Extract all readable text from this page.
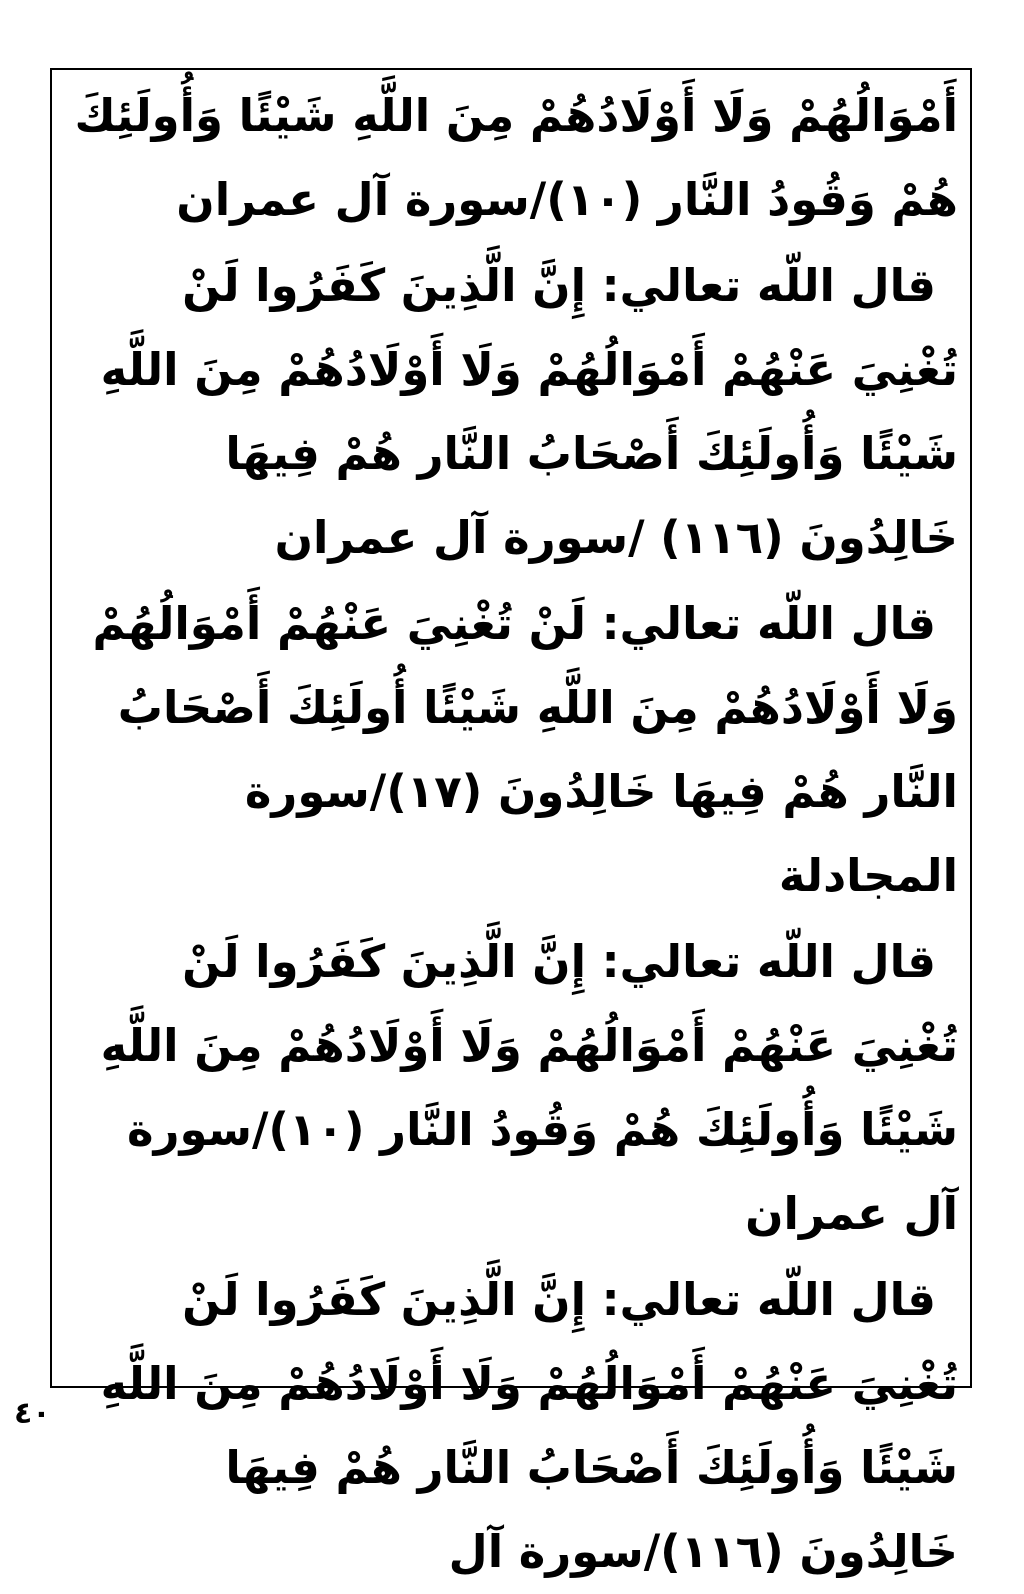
أَمْوَالُهُمْ وَلَا أَوْلَادُهُمْ مِنَ اللَّهِ شَيْئًا وَأُولَئِكَ هُمْ وَقُودُ النَّار (١٠)/سورة آل عمران

قال اللّه تعالي: إِنَّ الَّذِينَ كَفَرُوا لَنْ تُغْنِيَ عَنْهُمْ أَمْوَالُهُمْ وَلَا أَوْلَادُهُمْ مِنَ اللَّهِ شَيْئًا وَأُولَئِكَ أَصْحَابُ النَّار هُمْ فِيهَا خَالِدُونَ (١١٦) /سورة آل عمران

قال اللّه تعالي: لَنْ تُغْنِيَ عَنْهُمْ أَمْوَالُهُمْ وَلَا أَوْلَادُهُمْ مِنَ اللَّهِ شَيْئًا أُولَئِكَ أَصْحَابُ النَّار هُمْ فِيهَا خَالِدُونَ (١٧)/سورة المجادلة

قال اللّه تعالي: إِنَّ الَّذِينَ كَفَرُوا لَنْ تُغْنِيَ عَنْهُمْ أَمْوَالُهُمْ وَلَا أَوْلَادُهُمْ مِنَ اللَّهِ شَيْئًا وَأُولَئِكَ هُمْ وَقُودُ النَّار (١٠)/سورة آل عمران

قال اللّه تعالي: إِنَّ الَّذِينَ كَفَرُوا لَنْ تُغْنِيَ عَنْهُمْ أَمْوَالُهُمْ وَلَا أَوْلَادُهُمْ مِنَ اللَّهِ شَيْئًا وَأُولَئِكَ أَصْحَابُ النَّار هُمْ فِيهَا خَالِدُونَ (١١٦)/سورة آل

٤٠
